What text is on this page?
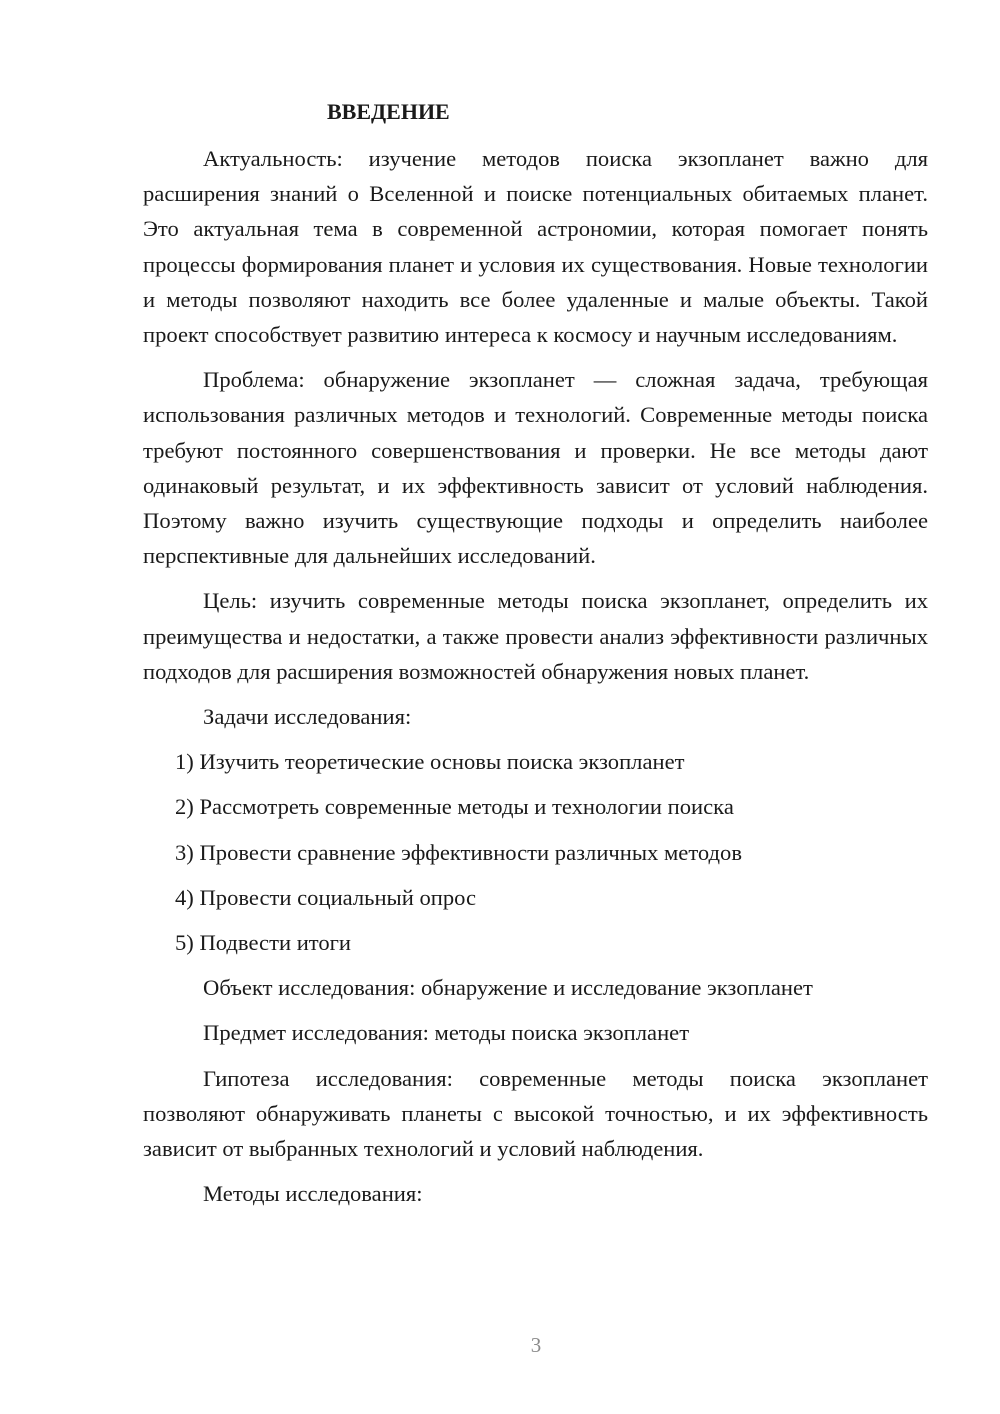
ВВЕДЕНИЕ

Актуальность: изучение методов поиска экзопланет важно для расширения знаний о Вселенной и поиске потенциальных обитаемых планет. Это актуальная тема в современной астрономии, которая помогает понять процессы формирования планет и условия их существования. Новые технологии и методы позволяют находить все более удаленные и малые объекты. Такой проект способствует развитию интереса к космосу и научным исследованиям.

Проблема: обнаружение экзопланет — сложная задача, требующая использования различных методов и технологий. Современные методы поиска требуют постоянного совершенствования и проверки. Не все методы дают одинаковый результат, и их эффективность зависит от условий наблюдения. Поэтому важно изучить существующие подходы и определить наиболее перспективные для дальнейших исследований.

Цель: изучить современные методы поиска экзопланет, определить их преимущества и недостатки, а также провести анализ эффективности различных подходов для расширения возможностей обнаружения новых планет.

Задачи исследования:

1) Изучить теоретические основы поиска экзопланет
2) Рассмотреть современные методы и технологии поиска
3) Провести сравнение эффективности различных методов
4) Провести социальный опрос
5) Подвести итоги

Объект исследования: обнаружение и исследование экзопланет

Предмет исследования: методы поиска экзопланет

Гипотеза исследования: современные методы поиска экзопланет позволяют обнаруживать планеты с высокой точностью, и их эффективность зависит от выбранных технологий и условий наблюдения.

Методы исследования:

3
